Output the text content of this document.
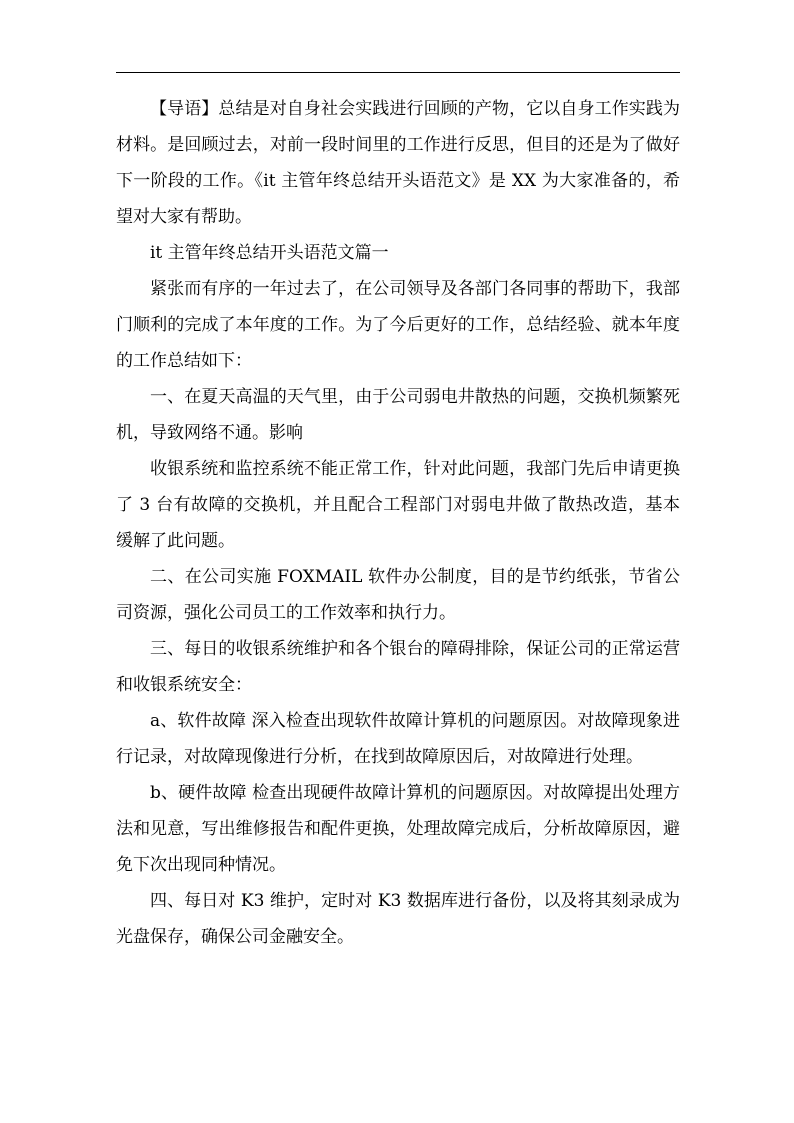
【导语】总结是对自身社会实践进行回顾的产物，它以自身工作实践为材料。是回顾过去，对前一段时间里的工作进行反思，但目的还是为了做好下一阶段的工作。《it 主管年终总结开头语范文》是 XX 为大家准备的，希望对大家有帮助。

it 主管年终总结开头语范文篇一

紧张而有序的一年过去了，在公司领导及各部门各同事的帮助下，我部门顺利的完成了本年度的工作。为了今后更好的工作，总结经验、就本年度的工作总结如下：

一、在夏天高温的天气里，由于公司弱电井散热的问题，交换机频繁死机，导致网络不通。影响

收银系统和监控系统不能正常工作，针对此问题，我部门先后申请更换了 3 台有故障的交换机，并且配合工程部门对弱电井做了散热改造，基本缓解了此问题。

二、在公司实施 FOXMAIL 软件办公制度，目的是节约纸张，节省公司资源，强化公司员工的工作效率和执行力。

三、每日的收银系统维护和各个银台的障碍排除，保证公司的正常运营和收银系统安全：

a、软件故障 深入检查出现软件故障计算机的问题原因。对故障现象进行记录，对故障现像进行分析，在找到故障原因后，对故障进行处理。

b、硬件故障 检查出现硬件故障计算机的问题原因。对故障提出处理方法和见意，写出维修报告和配件更换，处理故障完成后，分析故障原因，避免下次出现同种情况。

四、每日对 K3 维护，定时对 K3 数据库进行备份，以及将其刻录成为光盘保存，确保公司金融安全。
